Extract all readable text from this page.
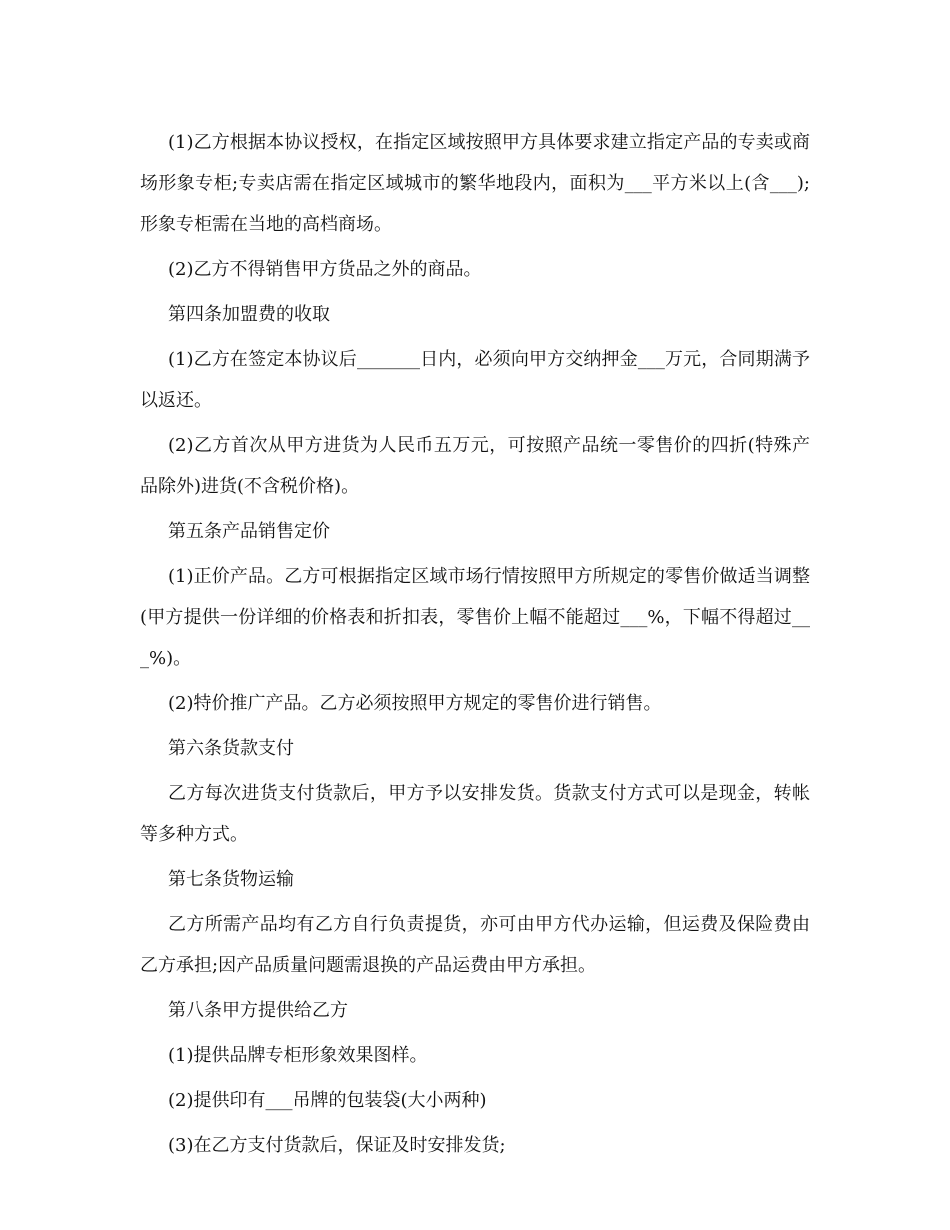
(1)乙方根据本协议授权，在指定区域按照甲方具体要求建立指定产品的专卖或商场形象专柜;专卖店需在指定区域城市的繁华地段内，面积为___平方米以上(含___);形象专柜需在当地的高档商场。

(2)乙方不得销售甲方货品之外的商品。

第四条加盟费的收取

(1)乙方在签定本协议后_______日内，必须向甲方交纳押金___万元，合同期满予以返还。

(2)乙方首次从甲方进货为人民币五万元，可按照产品统一零售价的四折(特殊产品除外)进货(不含税价格)。

第五条产品销售定价

(1)正价产品。乙方可根据指定区域市场行情按照甲方所规定的零售价做适当调整(甲方提供一份详细的价格表和折扣表，零售价上幅不能超过___%，下幅不得超过___%)。

(2)特价推广产品。乙方必须按照甲方规定的零售价进行销售。

第六条货款支付

乙方每次进货支付货款后，甲方予以安排发货。货款支付方式可以是现金，转帐等多种方式。

第七条货物运输

乙方所需产品均有乙方自行负责提货，亦可由甲方代办运输，但运费及保险费由乙方承担;因产品质量问题需退换的产品运费由甲方承担。

第八条甲方提供给乙方

(1)提供品牌专柜形象效果图样。

(2)提供印有___吊牌的包装袋(大小两种)

(3)在乙方支付货款后，保证及时安排发货;
